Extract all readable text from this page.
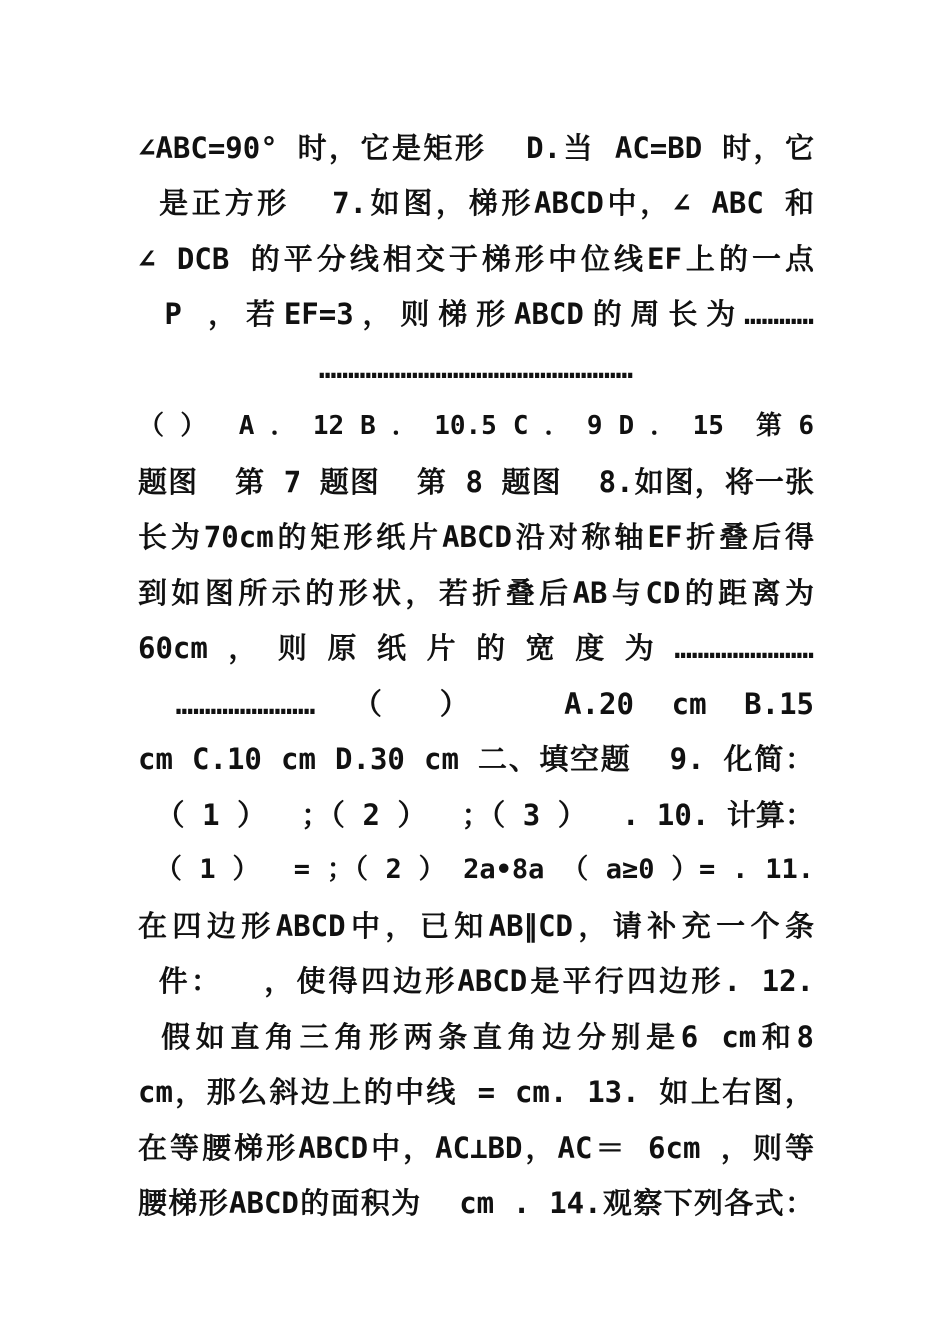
∠ABC=90° 时，它是矩形  D.当 AC=BD 时，它
是正方形  7.如图，梯形ABCD中，∠ ABC 和
∠ DCB 的平分线相交于梯形中位线EF上的一点
P ，若EF=3，则梯形ABCD的周长为…………
………………………………………………
（ ）  A ． 12 B ． 10.5 C ． 9 D ． 15  第 6
题图  第 7 题图  第 8 题图  8.如图，将一张
长为70cm的矩形纸片ABCD沿对称轴EF折叠后得
到如图所示的形状，若折叠后AB与CD的距离为
60cm，则原纸片的宽度为……………………
…………………… （ ）  A.20 cm B.15
cm C.10 cm D.30 cm 二、填空题  9. 化简：
（ 1 ）  ；（ 2 ）  ；（ 3 ）  . 10. 计算：
（ 1 ）  = ；（ 2 ） 2a•8a （ a≥0 ）= . 11.
在四边形ABCD中，已知AB∥CD，请补充一个条
件：  ，使得四边形ABCD是平行四边形. 12.
假如直角三角形两条直角边分别是6 cm和8
cm，那么斜边上的中线 = cm. 13. 如上右图，
在等腰梯形ABCD中，AC⊥BD，AC＝ 6cm ，则等
腰梯形ABCD的面积为  cm . 14.观察下列各式：
